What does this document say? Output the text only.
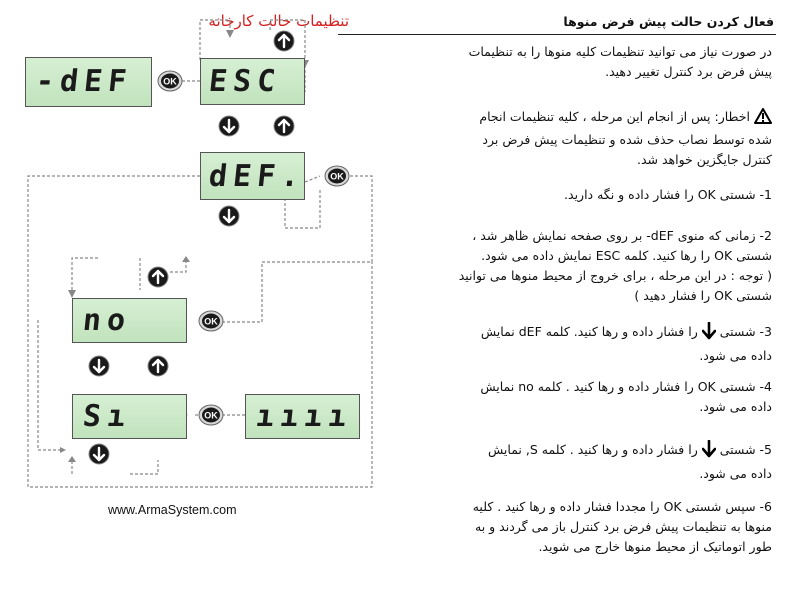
تنظیمات حالت کارخانه	فعال کردن حالت پیش فرض منوها

در صورت نیاز می توانید تنظیمات کلیه منوها را به تنظیمات

پیش فرض برد کنترل تغییر دهید.

اخطار: پس از انجام این مرحله ، کلیه تنظیمات انجام

شده توسط نصاب حذف شده و تنظیمات پیش فرض برد

کنترل جایگزین خواهد شد.

1- شستی OK را فشار داده و نگه دارید.

2- زمانی که منوی dEF- بر روی صفحه نمایش ظاهر شد ،

شستی OK را رها کنید. کلمه ESC نمایش داده می شود.

( توجه : در این مرحله ، برای خروج از محیط منوها می توانید

شستی OK را فشار دهید )

3- شستی  را فشار داده و رها کنید. کلمه dEF نمایش

داده می شود.

4- شستی OK را فشار داده و رها کنید . کلمه no نمایش

داده می شود.

5- شستی  را فشار داده و رها کنید . کلمه S, نمایش

داده می شود.

6- سپس شستی OK را مجددا فشار داده و رها کنید . کلیه

منوها به تنظیمات پیش فرض برد کنترل باز می گردند و به

طور اتوماتیک از محیط منوها خارج می شوید.

-dEF ESC
dEF.
no
Sı	ıııı
OK
OK
OK
OK
www.ArmaSystem.com
